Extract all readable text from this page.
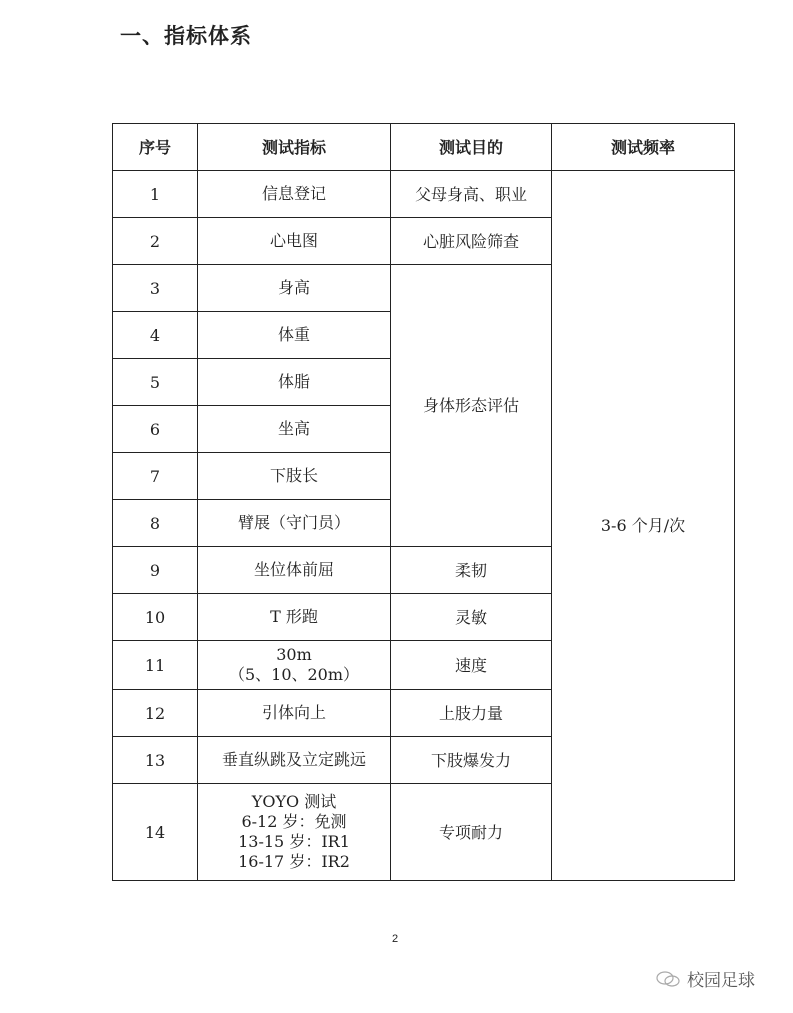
一、指标体系
序号	测试指标	测试目的	测试频率
1	信息登记	父母身高、职业	3-6 个月/次
2	心电图	心脏风险筛查	
3	身高	身体形态评估	
4	体重		

5	体脂		

6	坐高		

7	下肢长		

8	臂展（守门员）		

9	坐位体前屈	柔韧	
10	T 形跑	灵敏	
11	30m
（5、10、20m）	速度	
12	引体向上	上肢力量	
13	垂直纵跳及立定跳远	下肢爆发力	
14	YOYO 测试
6-12 岁：免测
13-15 岁：IR1
16-17 岁：IR2	专项耐力	
2
校园足球
